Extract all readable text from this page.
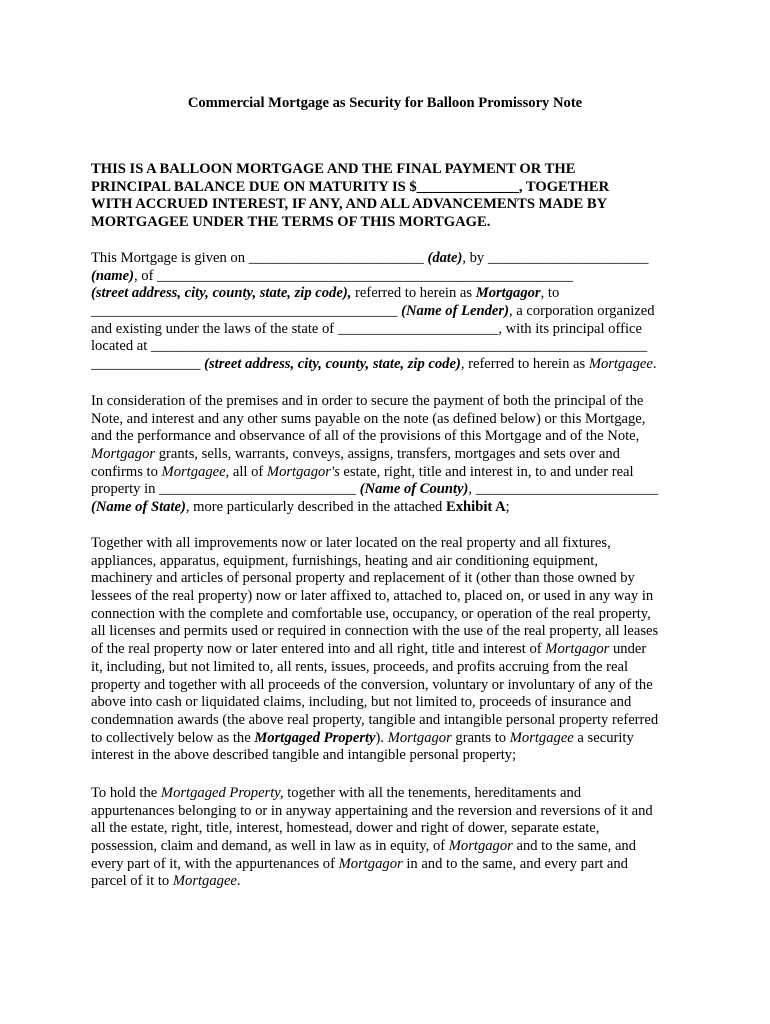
Commercial Mortgage as Security for Balloon Promissory Note
THIS IS A BALLOON MORTGAGE AND THE FINAL PAYMENT OR THE
PRINCIPAL BALANCE DUE ON MATURITY IS $______________, TOGETHER
WITH ACCRUED INTEREST, IF ANY, AND ALL ADVANCEMENTS MADE BY
MORTGAGEE UNDER THE TERMS OF THIS MORTGAGE.
This Mortgage is given on ________________________ (date), by ______________________
(name), of _________________________________________________________
(street address, city, county, state, zip code), referred to herein as Mortgagor, to
__________________________________________ (Name of Lender), a corporation organized
and existing under the laws of the state of ______________________, with its principal office
located at ____________________________________________________________________
_______________ (street address, city, county, state, zip code), referred to herein as Mortgagee.
In consideration of the premises and in order to secure the payment of both the principal of the
Note, and interest and any other sums payable on the note (as defined below) or this Mortgage,
and the performance and observance of all of the provisions of this Mortgage and of the Note,
Mortgagor grants, sells, warrants, conveys, assigns, transfers, mortgages and sets over and
confirms to Mortgagee, all of Mortgagor's estate, right, title and interest in, to and under real
property in ___________________________ (Name of County), _________________________
(Name of State), more particularly described in the attached Exhibit A;
Together with all improvements now or later located on the real property and all fixtures,
appliances, apparatus, equipment, furnishings, heating and air conditioning equipment,
machinery and articles of personal property and replacement of it (other than those owned by
lessees of the real property) now or later affixed to, attached to, placed on, or used in any way in
connection with the complete and comfortable use, occupancy, or operation of the real property,
all licenses and permits used or required in connection with the use of the real property, all leases
of the real property now or later entered into and all right, title and interest of Mortgagor under
it, including, but not limited to, all rents, issues, proceeds, and profits accruing from the real
property and together with all proceeds of the conversion, voluntary or involuntary of any of the
above into cash or liquidated claims, including, but not limited to, proceeds of insurance and
condemnation awards (the above real property, tangible and intangible personal property referred
to collectively below as the Mortgaged Property). Mortgagor grants to Mortgagee a security
interest in the above described tangible and intangible personal property;
To hold the Mortgaged Property, together with all the tenements, hereditaments and
appurtenances belonging to or in anyway appertaining and the reversion and reversions of it and
all the estate, right, title, interest, homestead, dower and right of dower, separate estate,
possession, claim and demand, as well in law as in equity, of Mortgagor and to the same, and
every part of it, with the appurtenances of Mortgagor in and to the same, and every part and
parcel of it to Mortgagee.
